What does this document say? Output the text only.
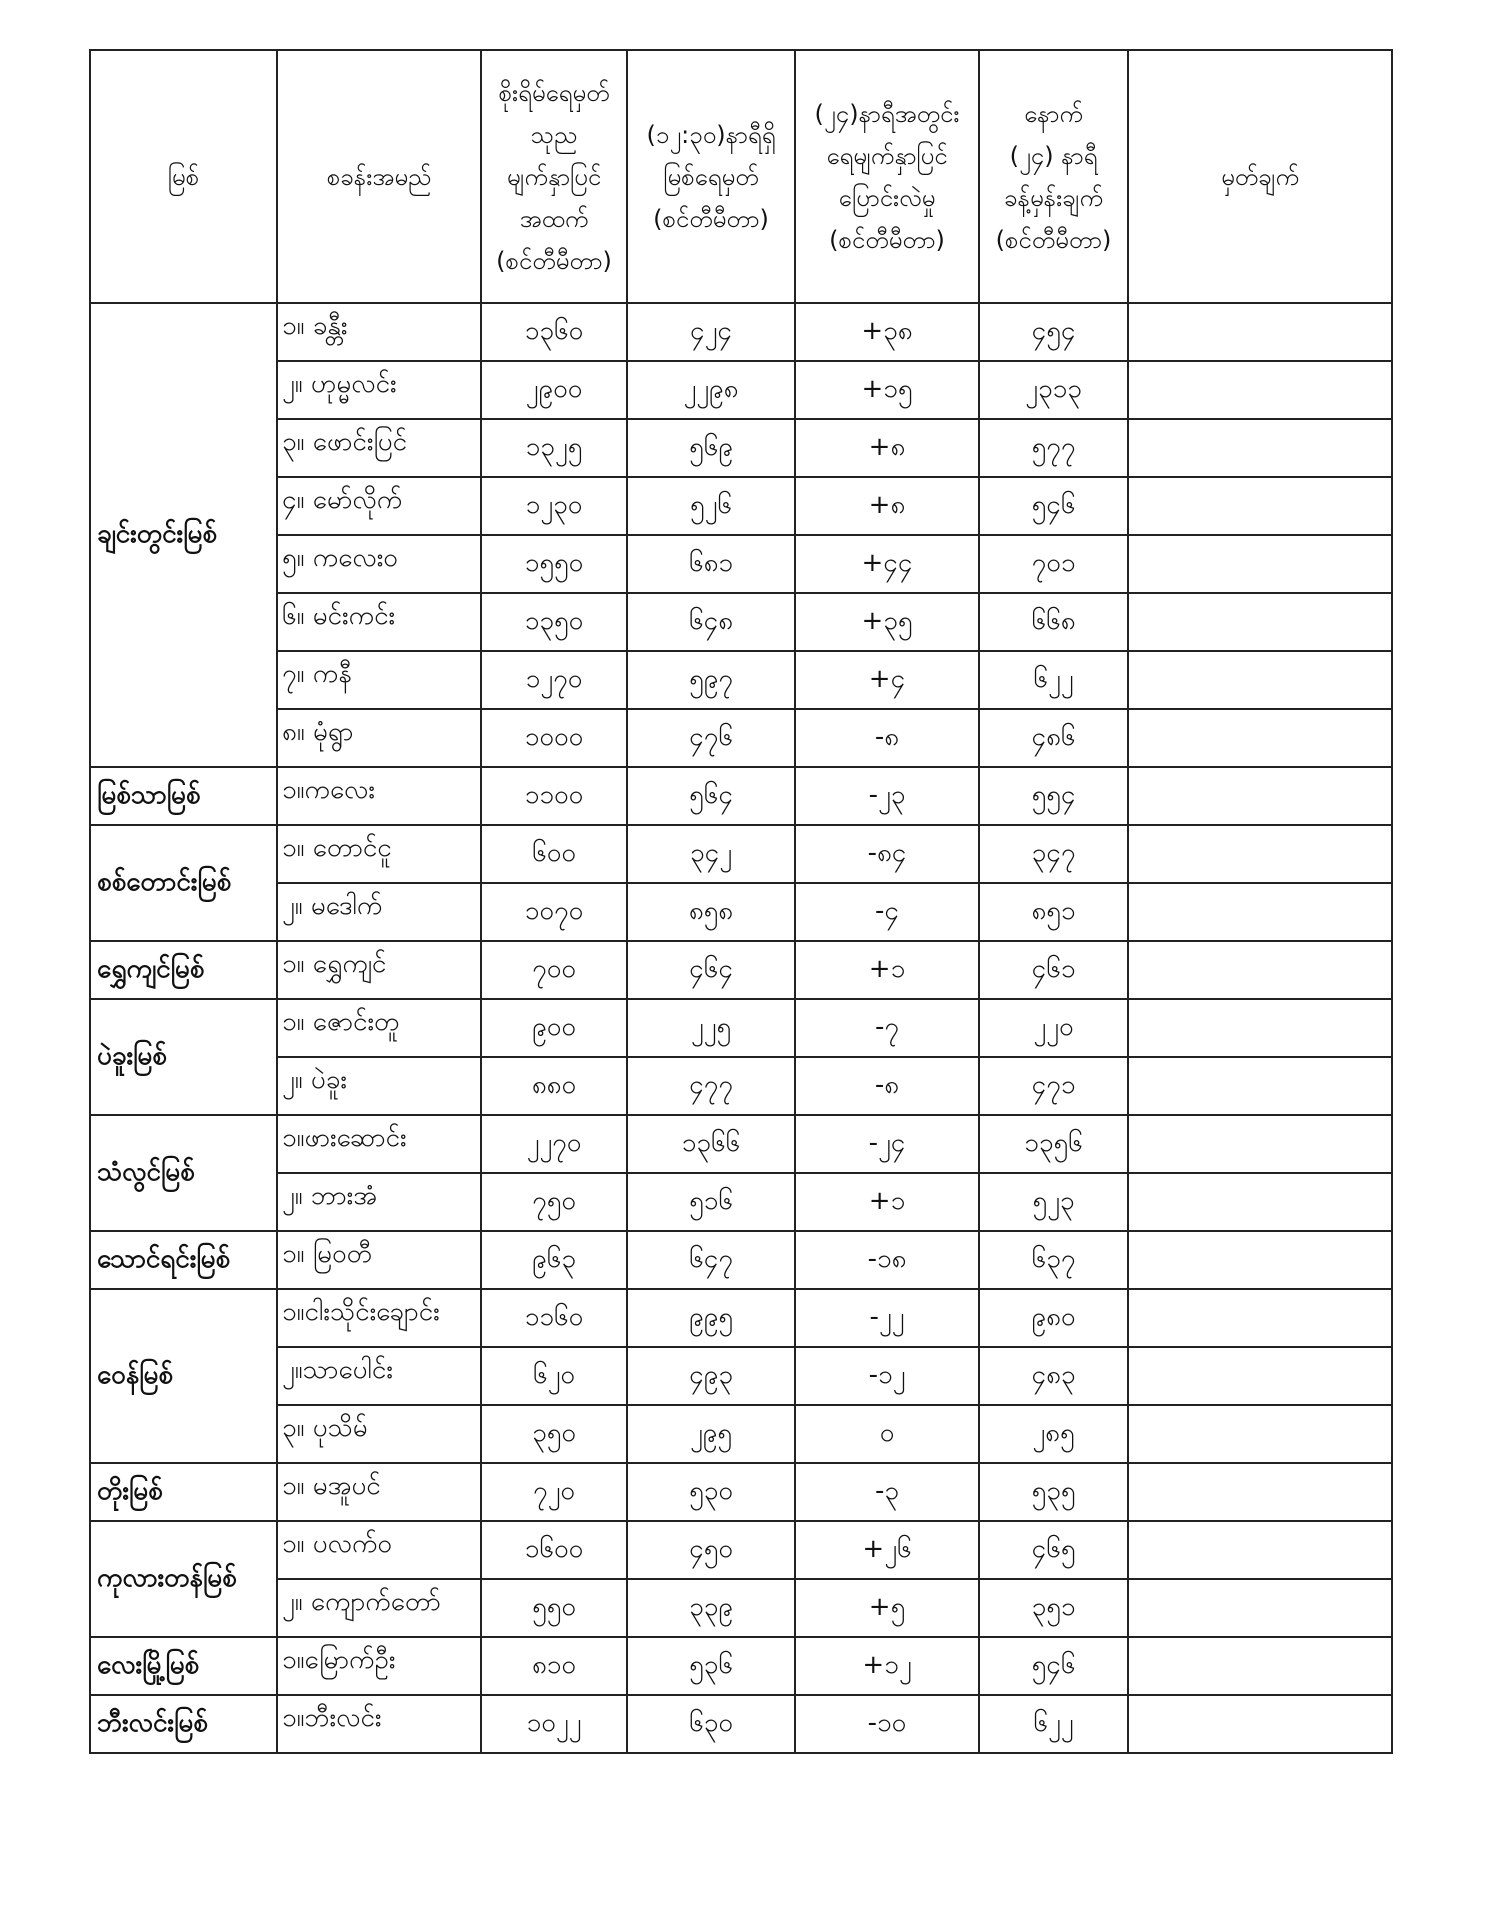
မြစ်	စခန်းအမည်	စိုးရိမ်ရေမှတ်
သုည
မျက်နှာပြင်
အထက်
(စင်တီမီတာ)	(၁၂:၃၀)နာရီရှိ
မြစ်ရေမှတ်
(စင်တီမီတာ)	(၂၄)နာရီအတွင်း
ရေမျက်နှာပြင်
ပြောင်းလဲမှု
(စင်တီမီတာ)	နောက်
(၂၄) နာရီ
ခန့်မှန်းချက်
(စင်တီမီတာ)	မှတ်ချက်

ချင်းတွင်းမြစ်	၁။ ခန္တီး	၁၃၆၀	၄၂၄	+၃၈	၄၅၄	
	၂။ ဟုမ္မလင်း	၂၉၀၀	၂၂၉၈	+၁၅	၂၃၁၃	
	၃။ ဖောင်းပြင်	၁၃၂၅	၅၆၉	+၈	၅၇၇	
	၄။ မော်လိုက်	၁၂၃၀	၅၂၆	+၈	၅၄၆	
	၅။ ကလေးဝ	၁၅၅၀	၆၈၁	+၄၄	၇၀၁	
	၆။ မင်းကင်း	၁၃၅၀	၆၄၈	+၃၅	၆၆၈	
	၇။ ကနီ	၁၂၇၀	၅၉၇	+၄	၆၂၂	
	၈။ မုံရွာ	၁၀၀၀	၄၇၆	-၈	၄၈၆	
မြစ်သာမြစ်	၁။ကလေး	၁၁၀၀	၅၆၄	-၂၃	၅၅၄	
စစ်တောင်းမြစ်	၁။ တောင်ငူ	၆၀၀	၃၄၂	-၈၄	၃၄၇	
	၂။ မဒေါက်	၁၀၇၀	၈၅၈	-၄	၈၅၁	
ရွှေကျင်မြစ်	၁။ ရွှေကျင်	၇၀၀	၄၆၄	+၁	၄၆၁	
ပဲခူးမြစ်	၁။ ဇောင်းတူ	၉၀၀	၂၂၅	-၇	၂၂၀	
	၂။ ပဲခူး	၈၈၀	၄၇၇	-၈	၄၇၁	
သံလွင်မြစ်	၁။ဖားဆောင်း	၂၂၇၀	၁၃၆၆	-၂၄	၁၃၅၆	
	၂။ ဘားအံ	၇၅၀	၅၁၆	+၁	၅၂၃	
သောင်ရင်းမြစ်	၁။ မြဝတီ	၉၆၃	၆၄၇	-၁၈	၆၃၇	
ဝေန်မြစ်	၁။ငါးသိုင်းချောင်း	၁၁၆၀	၉၉၅	-၂၂	၉၈၀	
	၂။သာပေါင်း	၆၂၀	၄၉၃	-၁၂	၄၈၃	
	၃။ ပုသိမ်	၃၅၀	၂၉၅	၀	၂၈၅	
တိုးမြစ်	၁။ မအူပင်	၇၂၀	၅၃၀	-၃	၅၃၅	
ကုလားတန်မြစ်	၁။ ပလက်ဝ	၁၆၀၀	၄၅၀	+၂၆	၄၆၅	
	၂။ ကျောက်တော်	၅၅၀	၃၃၉	+၅	၃၅၁	
လေးမြို့မြစ်	၁။မြောက်ဦး	၈၁၀	၅၃၆	+၁၂	၅၄၆	
ဘီးလင်းမြစ်	၁။ဘီးလင်း	၁၀၂၂	၆၃၀	-၁၀	၆၂၂	
